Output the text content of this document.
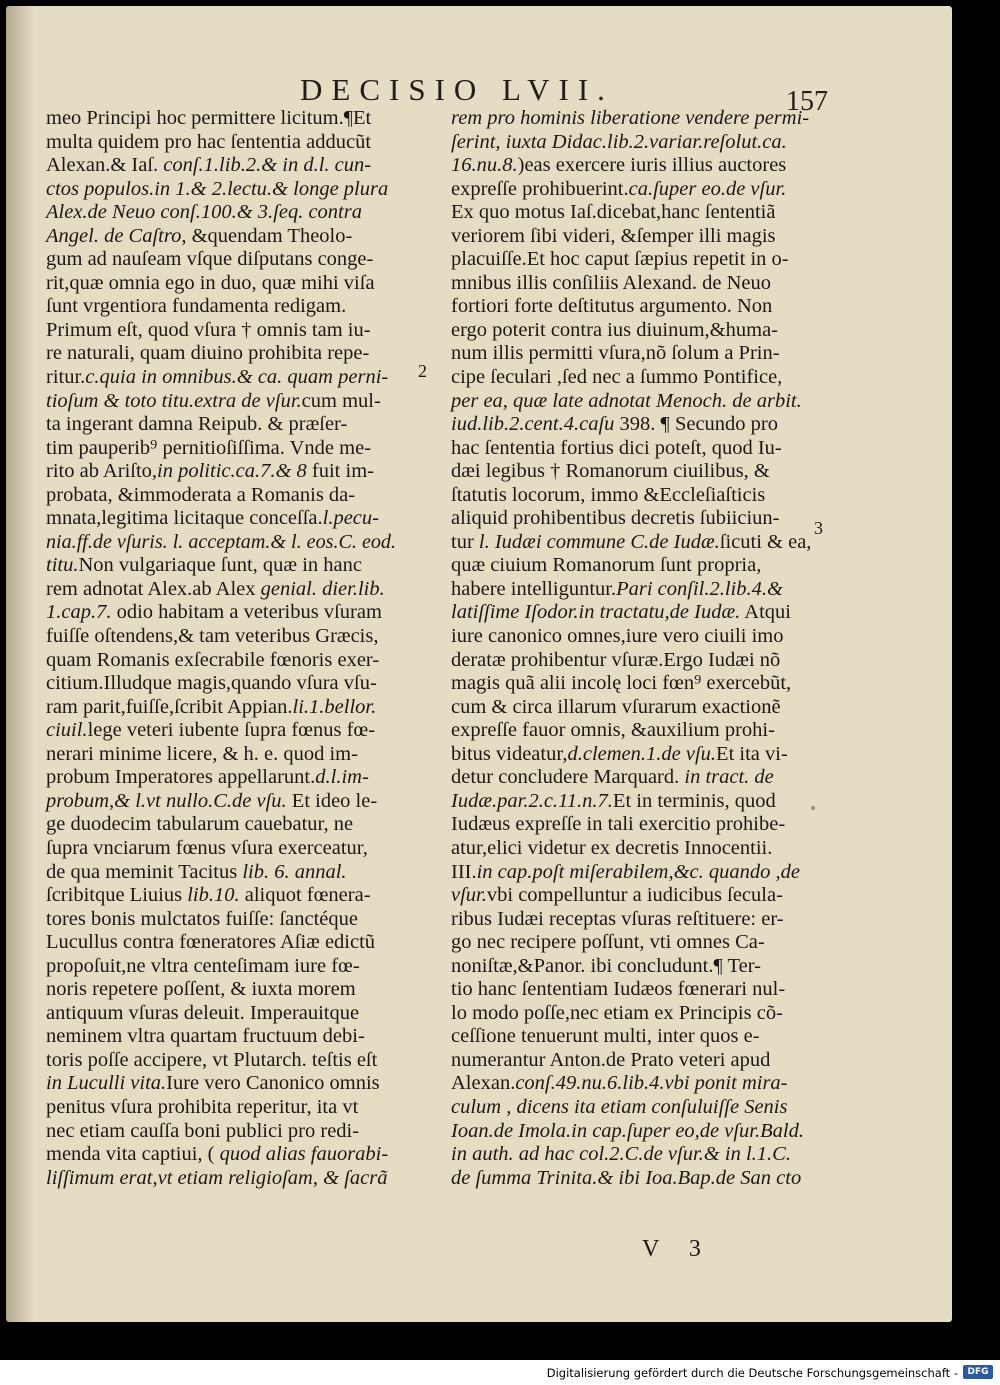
DECISIO LVII.	157
meo Principi hoc permittere licitum.¶Et
multa quidem pro hac ſententia adducũt
Alexan.& Iaſ. conſ.1.lib.2.& in d.l. cun-
ctos populos.in 1.& 2.lectu.& longe plura
Alex.de Neuo conſ.100.& 3.ſeq. contra
Angel. de Caſtro, &quendam Theolo-
gum ad nauſeam vſque diſputans conge-
rit,quæ omnia ego in duo, quæ mihi viſa
ſunt vrgentiora fundamenta redigam.
Primum eſt, quod vſura † omnis tam iu-
re naturali, quam diuino prohibita repe-
ritur.c.quia in omnibus.& ca. quam perni-
tioſum & toto titu.extra de vſur.cum mul-
ta ingerant damna Reipub. & præſer-
tim pauperib⁹ pernitioſiſſima. Vnde me-
rito ab Ariſto,in politic.ca.7.& 8 fuit im-
probata, &immoderata a Romanis da-
mnata,legitima licitaque conceſſa.l.pecu-
nia.ff.de vſuris. l. acceptam.& l. eos.C. eod.
titu.Non vulgariaque ſunt, quæ in hanc
rem adnotat Alex.ab Alex genial. dier.lib.
1.cap.7. odio habitam a veteribus vſuram
fuiſſe oſtendens,& tam veteribus Græcis,
quam Romanis exſecrabile fœnoris exer-
citium.Illudque magis,quando vſura vſu-
ram parit,fuiſſe,ſcribit Appian.li.1.bellor.
ciuil.lege veteri iubente ſupra fœnus fœ-
nerari minime licere, & h. e. quod im-
probum Imperatores appellarunt.d.l.im-
probum,& l.vt nullo.C.de vſu. Et ideo le-
ge duodecim tabularum cauebatur, ne
ſupra vnciarum fœnus vſura exerceatur,
de qua meminit Tacitus lib. 6. annal.
ſcribitque Liuius lib.10. aliquot fœnera-
tores bonis mulctatos fuiſſe: ſanctéque
Lucullus contra fœneratores Aſiæ edictũ
propoſuit,ne vltra centeſimam iure fœ-
noris repetere poſſent, & iuxta morem
antiquum vſuras deleuit. Imperauitque
neminem vltra quartam fructuum debi-
toris poſſe accipere, vt Plutarch. teſtis eſt
in Luculli vita.Iure vero Canonico omnis
penitus vſura prohibita reperitur, ita vt
nec etiam cauſſa boni publici pro redi-
menda vita captiui, ( quod alias fauorabi-
liſſimum erat,vt etiam religioſam, & ſacrã
rem pro hominis liberatione vendere permi-
ſerint, iuxta Didac.lib.2.variar.reſolut.ca.
16.nu.8.)eas exercere iuris illius auctores
expreſſe prohibuerint.ca.ſuper eo.de vſur.
Ex quo motus Iaſ.dicebat,hanc ſententiã
veriorem ſibi videri, &ſemper illi magis
placuiſſe.Et hoc caput ſæpius repetit in o-
mnibus illis conſiliis Alexand. de Neuo
fortiori forte deſtitutus argumento. Non
ergo poterit contra ius diuinum,&huma-
num illis permitti vſura,nõ ſolum a Prin-
cipe ſeculari ,ſed nec a ſummo Pontifice,
per ea, quæ late adnotat Menoch. de arbit.
iud.lib.2.cent.4.caſu 398. ¶ Secundo pro
hac ſententia fortius dici poteſt, quod Iu-
dæi legibus † Romanorum ciuilibus, &
ſtatutis locorum, immo &Eccleſiaſticis
aliquid prohibentibus decretis ſubiiciun-
tur l. Iudæi commune C.de Iudæ.ſicuti & ea,
quæ ciuium Romanorum ſunt propria,
habere intelliguntur.Pari conſil.2.lib.4.&
latiſſime Iſodor.in tractatu,de Iudæ. Atqui
iure canonico omnes,iure vero ciuili imo
deratæ prohibentur vſuræ.Ergo Iudæi nõ
magis quã alii incolę loci fœn⁹ exercebũt,
cum & circa illarum vſurarum exactionẽ
expreſſe fauor omnis, &auxilium prohi-
bitus videatur,d.clemen.1.de vſu.Et ita vi-
detur concludere Marquard. in tract. de
Iudæ.par.2.c.11.n.7.Et in terminis, quod
Iudæus expreſſe in tali exercitio prohibe-
atur,elici videtur ex decretis Innocentii.
III.in cap.poſt miſerabilem,&c. quando ,de
vſur.vbi compelluntur a iudicibus ſecula-
ribus Iudæi receptas vſuras reſtituere: er-
go nec recipere poſſunt, vti omnes Ca-
noniſtæ,&Panor. ibi concludunt.¶ Ter-
tio hanc ſententiam Iudæos fœnerari nul-
lo modo poſſe,nec etiam ex Principis cõ-
ceſſione tenuerunt multi, inter quos e-
numerantur Anton.de Prato veteri apud
Alexan.conſ.49.nu.6.lib.4.vbi ponit mira-
culum , dicens ita etiam conſuluiſſe Senis
Ioan.de Imola.in cap.ſuper eo,de vſur.Bald.
in auth. ad hac col.2.C.de vſur.& in l.1.C.
de ſumma Trinita.& ibi Ioa.Bap.de San cto
2
3
V 3
Digitalisierung gefördert durch die Deutsche Forschungsgemeinschaft -	DFG
